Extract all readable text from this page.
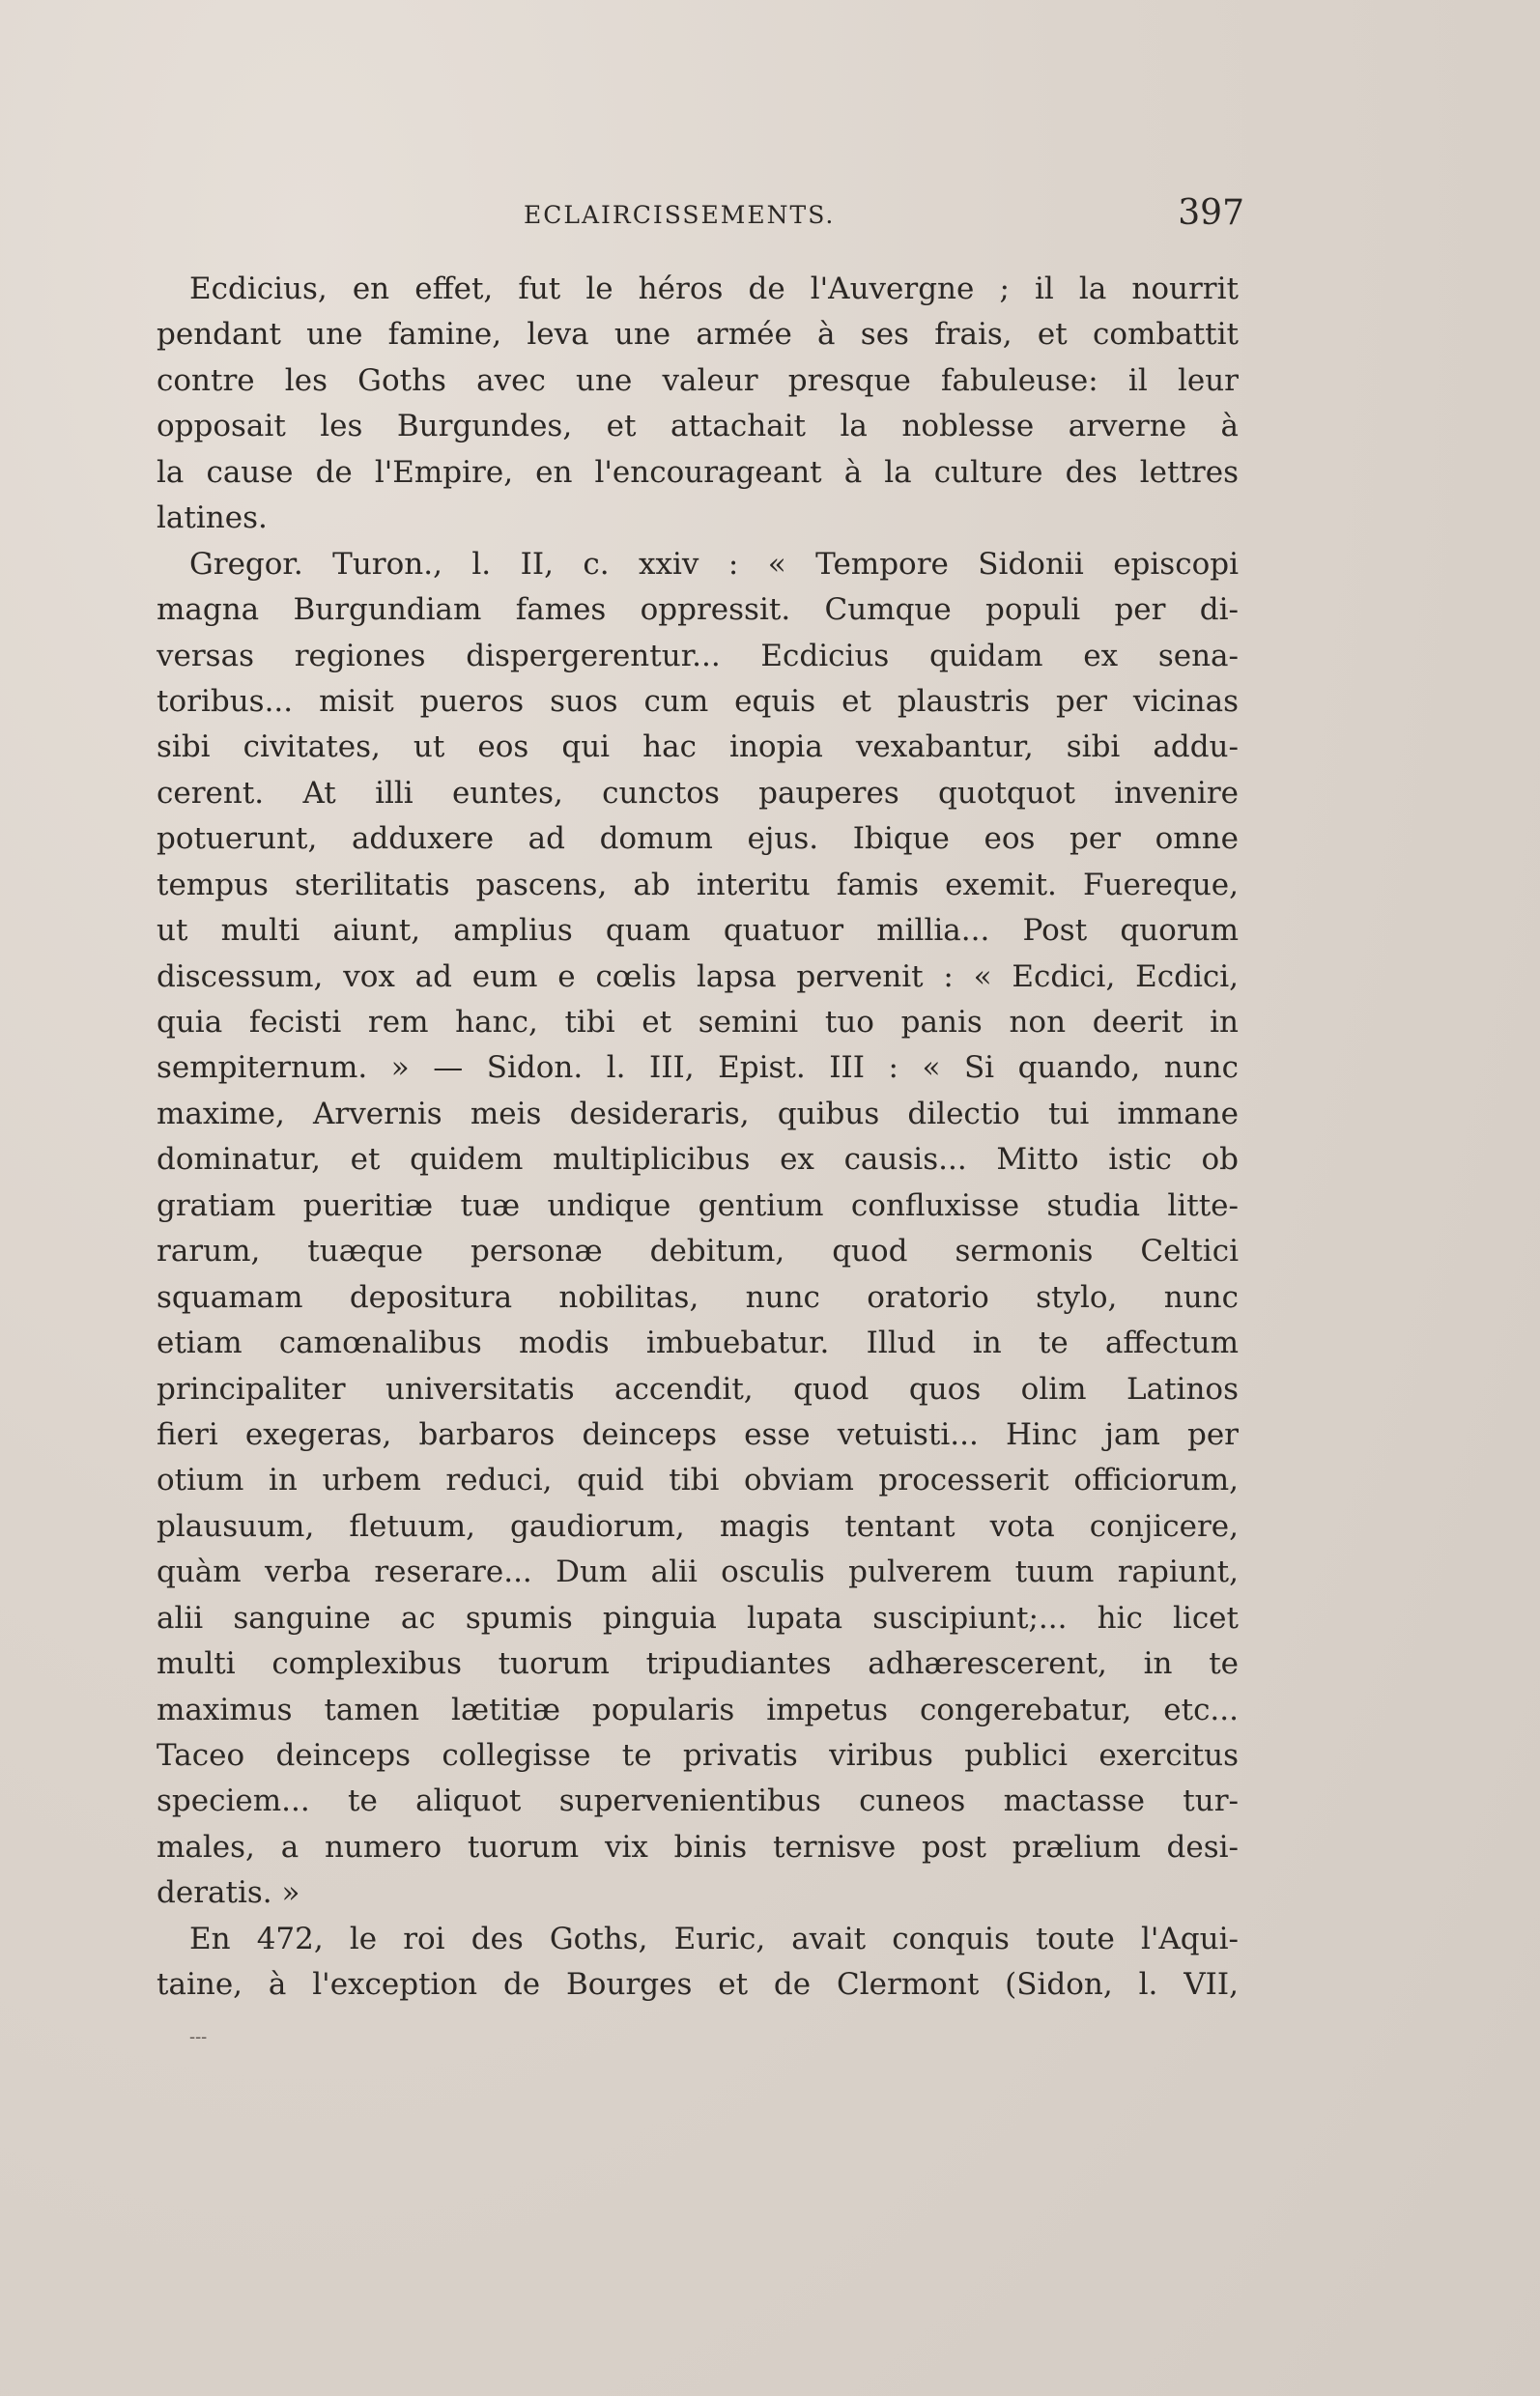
ECLAIRCISSEMENTS.	397
Ecdicius, en effet, fut le héros de l'Auvergne ; il la nourrit
pendant une famine, leva une armée à ses frais, et combattit
contre les Goths avec une valeur presque fabuleuse: il leur
opposait les Burgundes, et attachait la noblesse arverne à
la cause de l'Empire, en l'encourageant à la culture des lettres
latines.
Gregor. Turon., l. II, c. xxiv : « Tempore Sidonii episcopi
magna Burgundiam fames oppressit. Cumque populi per di-
versas regiones dispergerentur... Ecdicius quidam ex sena-
toribus... misit pueros suos cum equis et plaustris per vicinas
sibi civitates, ut eos qui hac inopia vexabantur, sibi addu-
cerent. At illi euntes, cunctos pauperes quotquot invenire
potuerunt, adduxere ad domum ejus. Ibique eos per omne
tempus sterilitatis pascens, ab interitu famis exemit. Fuereque,
ut multi aiunt, amplius quam quatuor millia... Post quorum
discessum, vox ad eum e cœlis lapsa pervenit : « Ecdici, Ecdici,
quia fecisti rem hanc, tibi et semini tuo panis non deerit in
sempiternum. » — Sidon. l. III, Epist. III : « Si quando, nunc
maxime, Arvernis meis desideraris, quibus dilectio tui immane
dominatur, et quidem multiplicibus ex causis... Mitto istic ob
gratiam pueritiæ tuæ undique gentium confluxisse studia litte-
rarum, tuæque personæ debitum, quod sermonis Celtici
squamam depositura nobilitas, nunc oratorio stylo, nunc
etiam camœnalibus modis imbuebatur. Illud in te affectum
principaliter universitatis accendit, quod quos olim Latinos
fieri exegeras, barbaros deinceps esse vetuisti... Hinc jam per
otium in urbem reduci, quid tibi obviam processerit officiorum,
plausuum, fletuum, gaudiorum, magis tentant vota conjicere,
quàm verba reserare... Dum alii osculis pulverem tuum rapiunt,
alii sanguine ac spumis pinguia lupata suscipiunt;... hic licet
multi complexibus tuorum tripudiantes adhærescerent, in te
maximus tamen lætitiæ popularis impetus congerebatur, etc...
Taceo deinceps collegisse te privatis viribus publici exercitus
speciem... te aliquot supervenientibus cuneos mactasse tur-
males, a numero tuorum vix binis ternisve post prælium desi-
deratis. »
En 472, le roi des Goths, Euric, avait conquis toute l'Aqui-
taine, à l'exception de Bourges et de Clermont (Sidon, l. VII,
---
